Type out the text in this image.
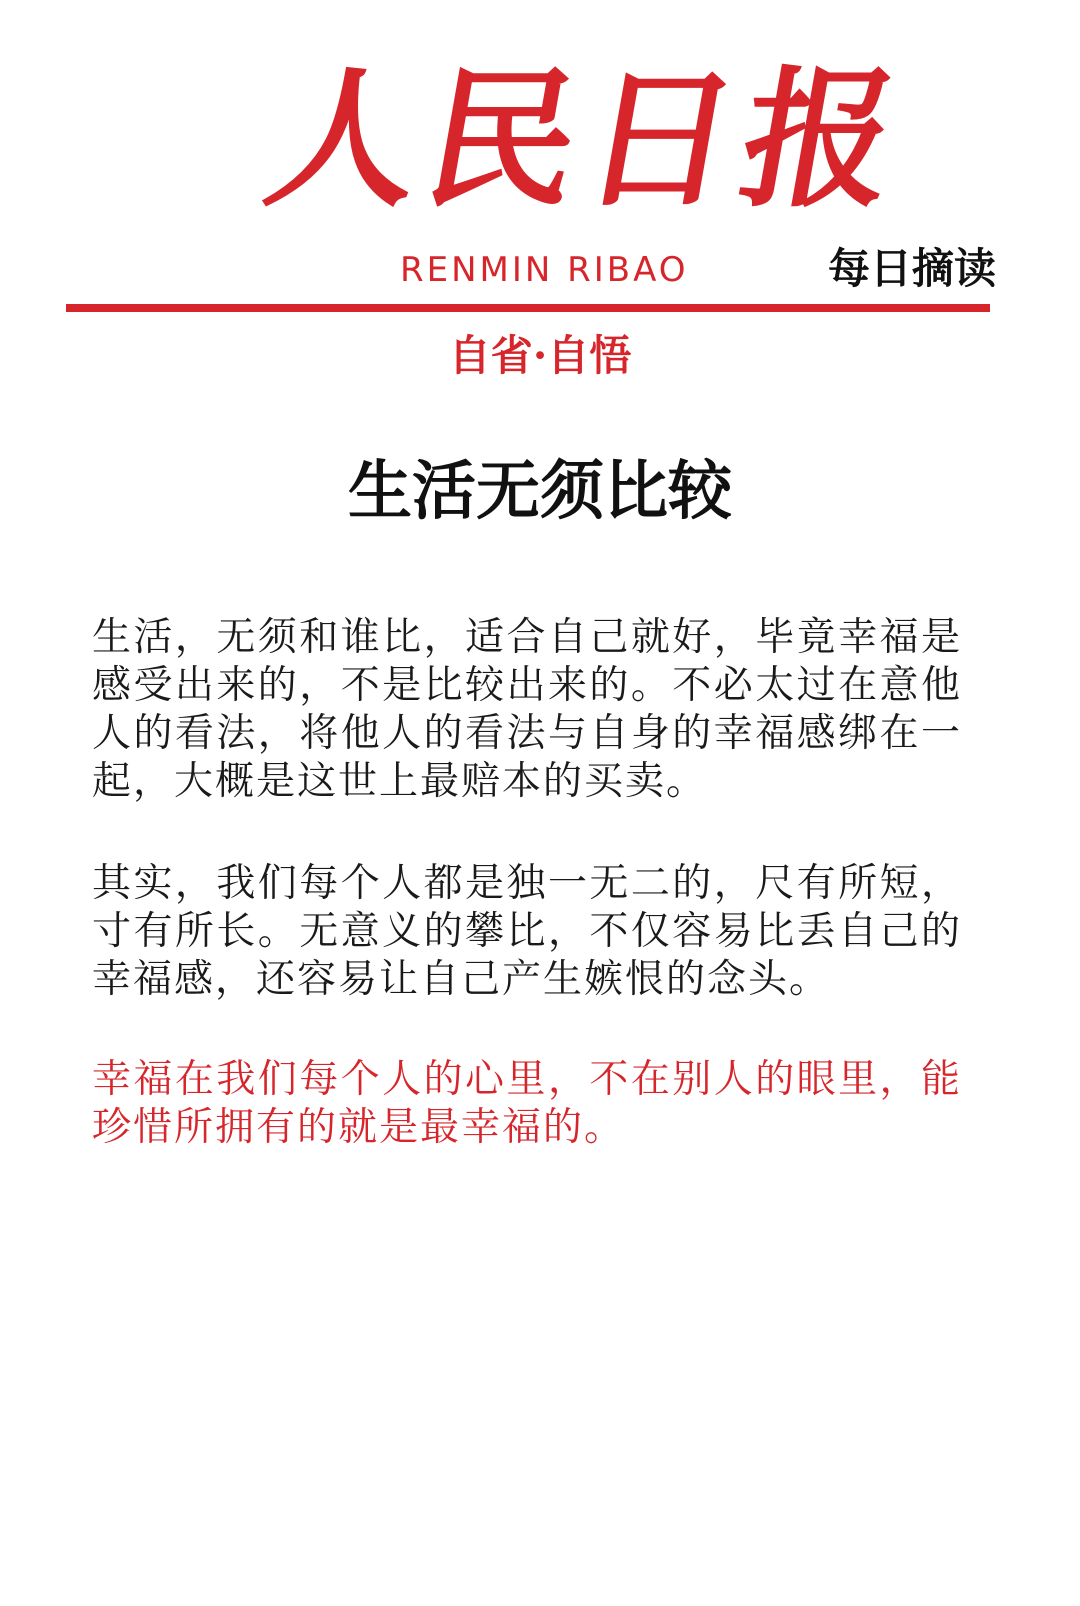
人民日报
RENMIN RIBAO	每日摘读
自省·自悟
生活无须比较

生活，无须和谁比，适合自己就好，毕竟幸福是感受出来的，不是比较出来的。不必太过在意他人的看法，将他人的看法与自身的幸福感绑在一起，大概是这世上最赔本的买卖。

其实，我们每个人都是独一无二的，尺有所短，寸有所长。无意义的攀比，不仅容易比丢自己的幸福感，还容易让自己产生嫉恨的念头。

幸福在我们每个人的心里，不在别人的眼里，能珍惜所拥有的就是最幸福的。
